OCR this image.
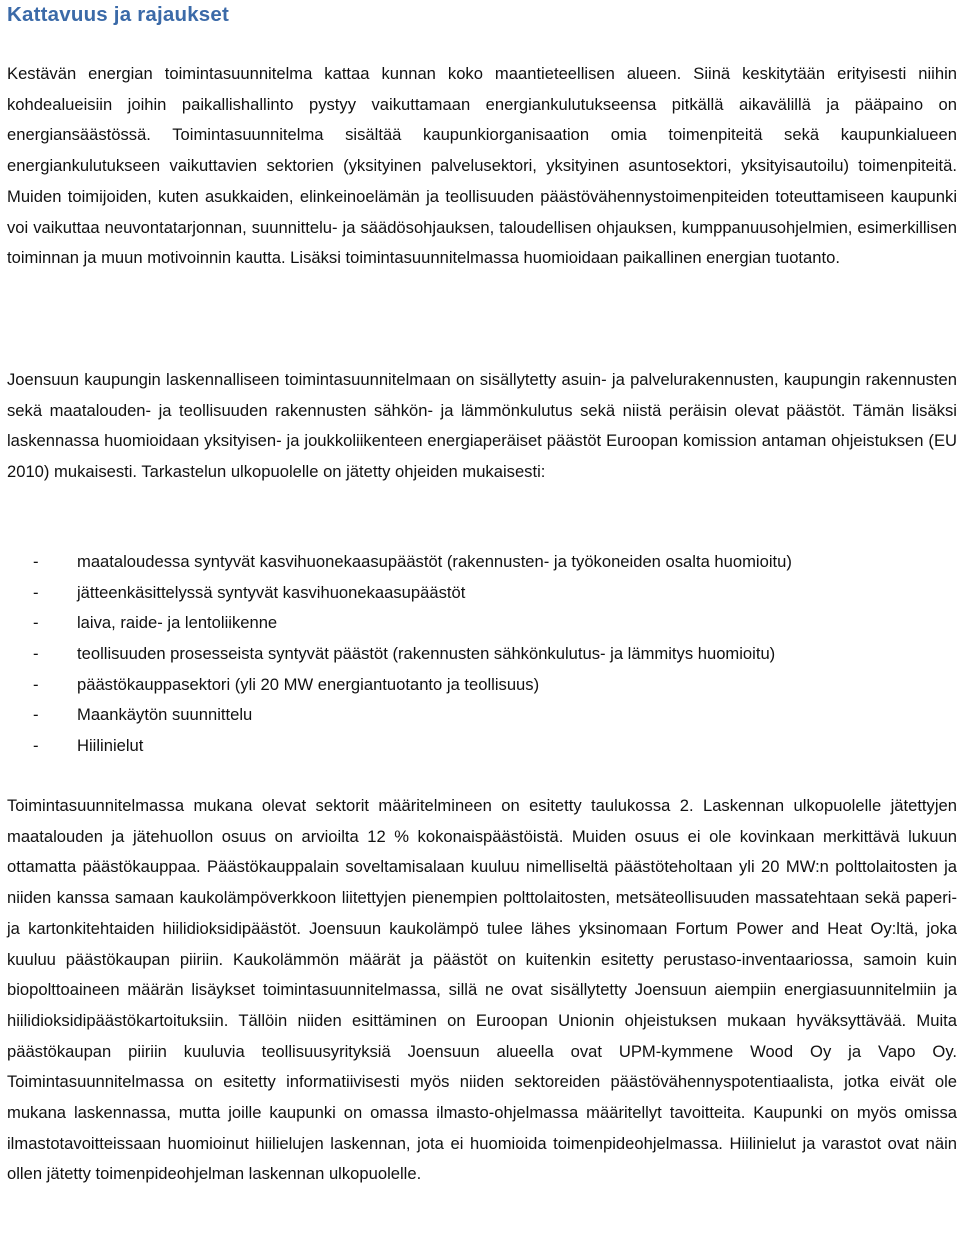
Kattavuus ja rajaukset

Kestävän energian toimintasuunnitelma kattaa kunnan koko maantieteellisen alueen. Siinä keskitytään erityisesti niihin kohdealueisiin joihin paikallishallinto pystyy vaikuttamaan energiankulutukseensa pitkällä aikavälillä ja pääpaino on energiansäästössä. Toimintasuunnitelma sisältää kaupunkiorganisaation omia toimenpiteitä sekä kaupunkialueen energiankulutukseen vaikuttavien sektorien (yksityinen palvelusektori, yksityinen asuntosektori, yksityisautoilu) toimenpiteitä. Muiden toimijoiden, kuten asukkaiden, elinkeinoelämän ja teollisuuden päästövähennystoimenpiteiden toteuttamiseen kaupunki voi vaikuttaa neuvontatarjonnan, suunnittelu- ja säädösohjauksen, taloudellisen ohjauksen, kumppanuusohjelmien, esimerkillisen toiminnan ja muun motivoinnin kautta. Lisäksi toimintasuunnitelmassa huomioidaan paikallinen energian tuotanto.

Joensuun kaupungin laskennalliseen toimintasuunnitelmaan on sisällytetty asuin- ja palvelurakennusten, kaupungin rakennusten sekä maatalouden- ja teollisuuden rakennusten sähkön- ja lämmönkulutus sekä niistä peräisin olevat päästöt. Tämän lisäksi laskennassa huomioidaan yksityisen- ja joukkoliikenteen energiaperäiset päästöt Euroopan komission antaman ohjeistuksen (EU 2010) mukaisesti. Tarkastelun ulkopuolelle on jätetty ohjeiden mukaisesti:

- maataloudessa syntyvät kasvihuonekaasupäästöt (rakennusten- ja työkoneiden osalta huomioitu)
- jätteenkäsittelyssä syntyvät kasvihuonekaasupäästöt
- laiva, raide- ja lentoliikenne
- teollisuuden prosesseista syntyvät päästöt (rakennusten sähkönkulutus- ja lämmitys huomioitu)
- päästökauppasektori (yli 20 MW energiantuotanto ja teollisuus)
- Maankäytön suunnittelu
- Hiilinielut

Toimintasuunnitelmassa mukana olevat sektorit määritelmineen on esitetty taulukossa 2. Laskennan ulkopuolelle jätettyjen maatalouden ja jätehuollon osuus on arvioilta 12 % kokonaispäästöistä. Muiden osuus ei ole kovinkaan merkittävä lukuun ottamatta päästökauppaa. Päästökauppalain soveltamisalaan kuuluu nimelliseltä päästöteholtaan yli 20 MW:n polttolaitosten ja niiden kanssa samaan kaukolämpöverkkoon liitettyjen pienempien polttolaitosten, metsäteollisuuden massatehtaan sekä paperi- ja kartonkitehtaiden hiilidioksidipäästöt. Joensuun kaukolämpö tulee lähes yksinomaan Fortum Power and Heat Oy:ltä, joka kuuluu päästökaupan piiriin. Kaukolämmön määrät ja päästöt on kuitenkin esitetty perustaso-inventaariossa, samoin kuin biopolttoaineen määrän lisäykset toimintasuunnitelmassa, sillä ne ovat sisällytetty Joensuun aiempiin energiasuunnitelmiin ja hiilidioksidipäästökartoituksiin. Tällöin niiden esittäminen on Euroopan Unionin ohjeistuksen mukaan hyväksyttävää. Muita päästökaupan piiriin kuuluvia teollisuusyrityksiä Joensuun alueella ovat UPM-kymmene Wood Oy ja Vapo Oy. Toimintasuunnitelmassa on esitetty informatiivisesti myös niiden sektoreiden päästövähennyspotentiaalista, jotka eivät ole mukana laskennassa, mutta joille kaupunki on omassa ilmasto-ohjelmassa määritellyt tavoitteita. Kaupunki on myös omissa ilmastotavoitteissaan huomioinut hiilielujen laskennan, jota ei huomioida toimenpideohjelmassa. Hiilinielut ja varastot ovat näin ollen jätetty toimenpideohjelman laskennan ulkopuolelle.
